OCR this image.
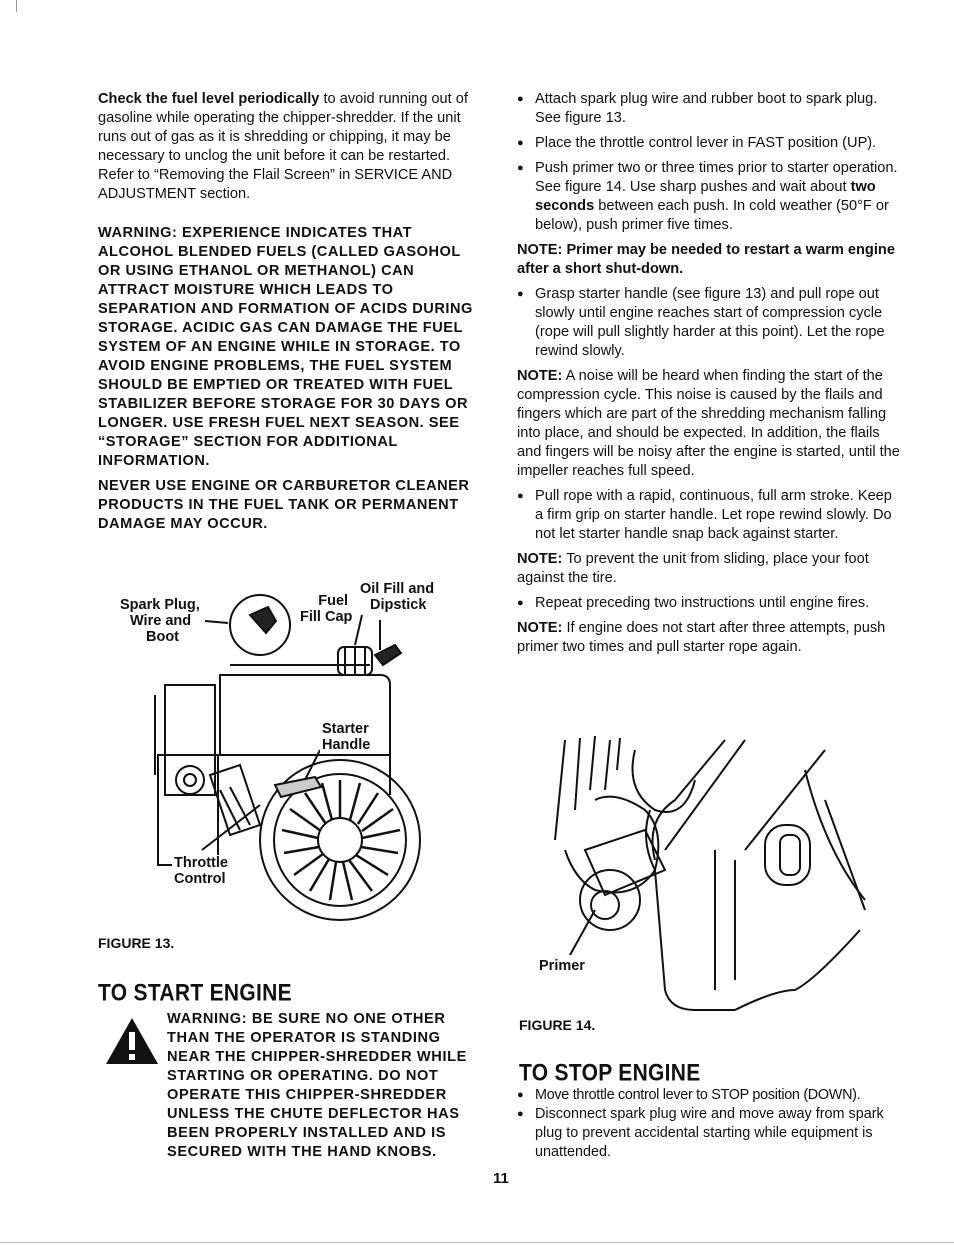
Check the fuel level periodically to avoid running out of gasoline while operating the chipper-shredder. If the unit runs out of gas as it is shredding or chipping, it may be necessary to unclog the unit before it can be restarted. Refer to “Removing the Flail Screen” in SERVICE AND ADJUSTMENT section.

WARNING: EXPERIENCE INDICATES THAT ALCOHOL BLENDED FUELS (CALLED GASOHOL OR USING ETHANOL OR METHANOL) CAN ATTRACT MOISTURE WHICH LEADS TO SEPARATION AND FORMATION OF ACIDS DURING STORAGE. ACIDIC GAS CAN DAMAGE THE FUEL SYSTEM OF AN ENGINE WHILE IN STORAGE. TO AVOID ENGINE PROBLEMS, THE FUEL SYSTEM SHOULD BE EMPTIED OR TREATED WITH FUEL STABILIZER BEFORE STORAGE FOR 30 DAYS OR LONGER. USE FRESH FUEL NEXT SEASON. SEE “STORAGE” SECTION FOR ADDITIONAL INFORMATION.

NEVER USE ENGINE OR CARBURETOR CLEANER PRODUCTS IN THE FUEL TANK OR PERMANENT DAMAGE MAY OCCUR.

Spark Plug,
Wire and
Boot
Fuel
Fill Cap
Oil Fill and
Dipstick
Starter
Handle
Throttle
Control
FIGURE 13.
TO START ENGINE

WARNING: BE SURE NO ONE OTHER THAN THE OPERATOR IS STANDING NEAR THE CHIPPER-SHREDDER WHILE STARTING OR OPERATING. DO NOT OPERATE THIS CHIPPER-SHREDDER UNLESS THE CHUTE DEFLECTOR HAS BEEN PROPERLY INSTALLED AND IS SECURED WITH THE HAND KNOBS.

● Attach spark plug wire and rubber boot to spark plug. See figure 13.
● Place the throttle control lever in FAST position (UP).
● Push primer two or three times prior to starter operation. See figure 14. Use sharp pushes and wait about two seconds between each push. In cold weather (50°F or below), push primer five times.

NOTE: Primer may be needed to restart a warm engine after a short shut-down.

● Grasp starter handle (see figure 13) and pull rope out slowly until engine reaches start of compression cycle (rope will pull slightly harder at this point). Let the rope rewind slowly.

NOTE: A noise will be heard when finding the start of the compression cycle. This noise is caused by the flails and fingers which are part of the shredding mechanism falling into place, and should be expected. In addition, the flails and fingers will be noisy after the engine is started, until the impeller reaches full speed.

● Pull rope with a rapid, continuous, full arm stroke. Keep a firm grip on starter handle. Let rope rewind slowly. Do not let starter handle snap back against starter.

NOTE: To prevent the unit from sliding, place your foot against the tire.

● Repeat preceding two instructions until engine fires.

NOTE: If engine does not start after three attempts, push primer two times and pull starter rope again.

Primer
FIGURE 14.
TO STOP ENGINE
● Move throttle control lever to STOP position (DOWN).
● Disconnect spark plug wire and move away from spark plug to prevent accidental starting while equipment is unattended.
11
